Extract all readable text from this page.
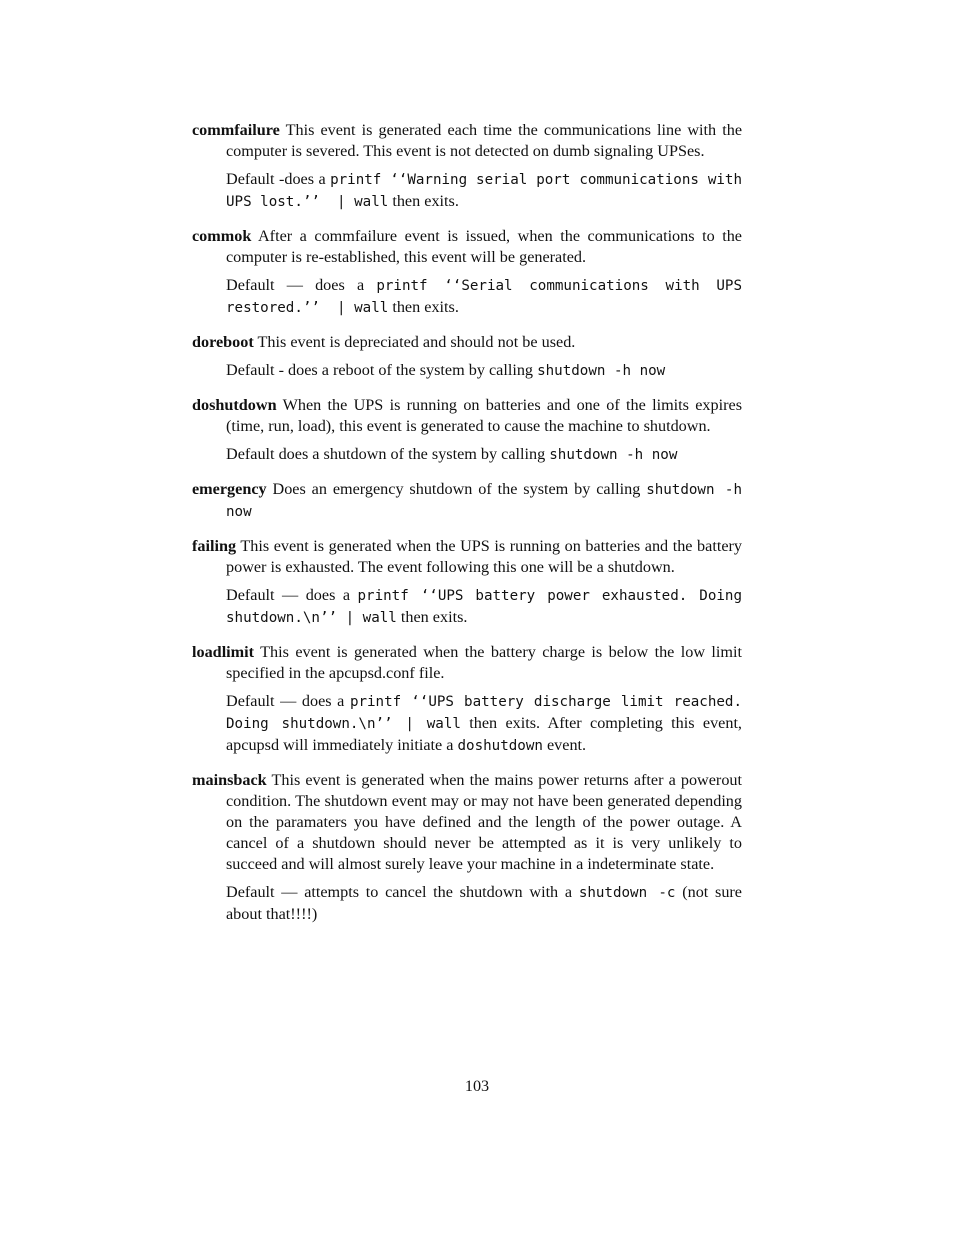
commfailure This event is generated each time the communications line with the computer is severed. This event is not detected on dumb signaling UPSes.

Default -does a printf ‘‘Warning serial port communications with UPS lost.’’  | wall then exits.

commok After a commfailure event is issued, when the communications to the computer is re-established, this event will be generated.

Default — does a printf ‘‘Serial communications with UPS restored.’’  | wall then exits.

doreboot This event is depreciated and should not be used.

Default - does a reboot of the system by calling shutdown -h now

doshutdown When the UPS is running on batteries and one of the limits expires (time, run, load), this event is generated to cause the machine to shutdown.

Default does a shutdown of the system by calling shutdown -h now

emergency Does an emergency shutdown of the system by calling shutdown -h now

failing This event is generated when the UPS is running on batteries and the battery power is exhausted. The event following this one will be a shutdown.

Default — does a printf ‘‘UPS battery power exhausted. Doing shutdown.\n’’ | wall then exits.

loadlimit This event is generated when the battery charge is below the low limit specified in the apcupsd.conf file.

Default — does a printf ‘‘UPS battery discharge limit reached.  Doing shutdown.\n’’ | wall then exits. After completing this event, apcupsd will immediately initiate a doshutdown event.

mainsback This event is generated when the mains power returns after a powerout condition. The shutdown event may or may not have been generated depending on the paramaters you have defined and the length of the power outage. A cancel of a shutdown should never be attempted as it is very unlikely to succeed and will almost surely leave your machine in a indeterminate state.

Default — attempts to cancel the shutdown with a shutdown -c (not sure about that!!!!)

103
